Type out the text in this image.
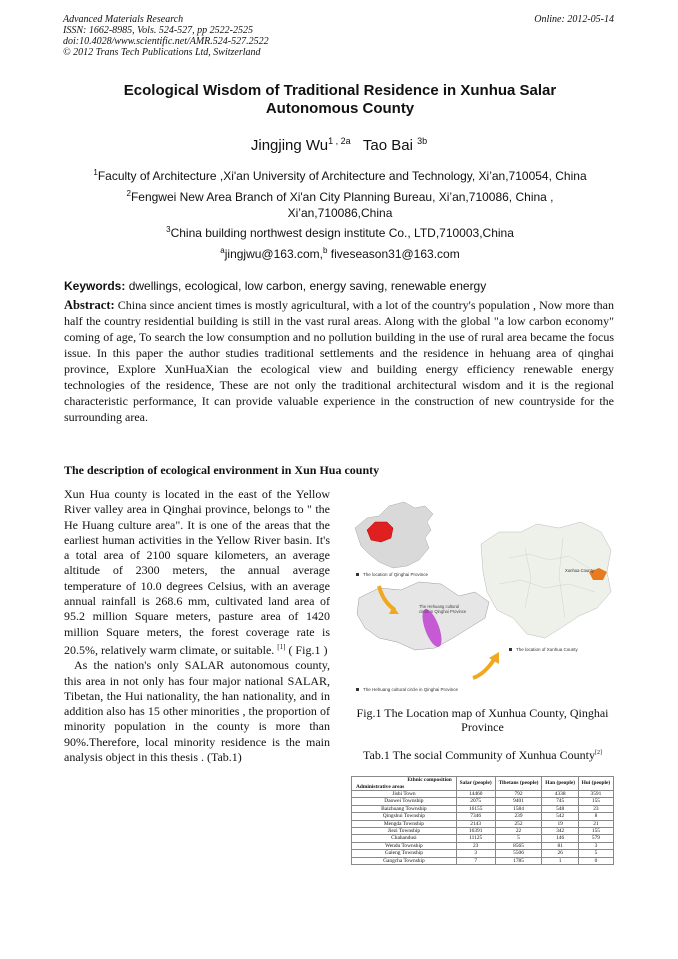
Advanced Materials Research
ISSN: 1662-8985, Vols. 524-527, pp 2522-2525
doi:10.4028/www.scientific.net/AMR.524-527.2522
© 2012 Trans Tech Publications Ltd, Switzerland
Online: 2012-05-14
Ecological Wisdom of Traditional Residence in Xunhua Salar Autonomous County
Jingjing $Wu^{1 , 2a}$ Tao Bai $^{3b}$
$^1$Faculty of Architecture ,Xi'an University of Architecture and Technology, Xi’an,710054, China
$^2$Fengwei New Area Branch of Xi'an City Planning Bureau, Xi’an,710086, China , Xi’an,710086,China
$^3$China building northwest design institute Co., LTD,710003,China
$^a$jingjwu@163.com,$^b$ fiveseason31@163.com
Keywords: dwellings, ecological, low carbon, energy saving, renewable energy
Abstract: China since ancient times is mostly agricultural, with a lot of the country's population , Now more than half the country residential building is still in the vast rural areas. Along with the global "a low carbon economy" coming of age, To search the low consumption and no pollution building in the use of rural area became the focus issue. In this paper the author studies traditional settlements and the residence in hehuang area of qinghai province, Explore XunHuaXian the ecological view and building energy efficiency renewable energy technologies of the residence, These are not only the traditional architectural wisdom and it is the regional characteristic performance, It can provide valuable experience in the construction of new countryside for the surrounding area.
The description of ecological environment in Xun Hua county
Xun Hua county is located in the east of the Yellow River valley area in Qinghai province, belongs to " the He Huang culture area". It is one of the areas that the earliest human activities in the Yellow River basin. It's a total area of 2100 square kilometers, an average altitude of 2300 meters, the annual average temperature of 10.0 degrees Celsius, with an average annual rainfall is 268.6 mm, cultivated land area of 95.2 million Square meters, pasture area of 1420 million Square meters, the forest coverage rate is 20.5%, relatively warm climate, or suitable. [1] ( Fig.1 )
As the nation's only SALAR autonomous county, this area in not only has four major national SALAR, Tibetan, the Hui nationality, the han nationality, and in addition also has 15 other minorities , the proportion of minority population in the county is more than 90%.Therefore, local minority residence is the main analysis object in this thesis . (Tab.1)
The location of Qinghai Province
The Hehuang cultural circle in Qinghai Province
Xunhua County
The location of Xunhua County
The Hehuang cultural circle in Qinghai Province
Fig.1 The Location map of Xunhua County, Qinghai Province
Tab.1 The social Community of Xunhua County[2]
Ethnic composition
Administrative areas	Salar (people)	Tibetans (people)	Han (people)	Hui (people)
Jishi Town	14460	792	4338	3591
Daowei Township	2075	9401	745	155
Baizhuang Township	16155	1584	548	23
Qingshui Township	7346	239	542	8
Mengda Township	2143	252	19	21
Jiezi Township	16391	22	342	155
Chahandusi	11125	5	146	579
Wendu Township	23	8565	81	3
Galeng Township	3	5506	26	5
Gangcha Township	7	1785	1	0
